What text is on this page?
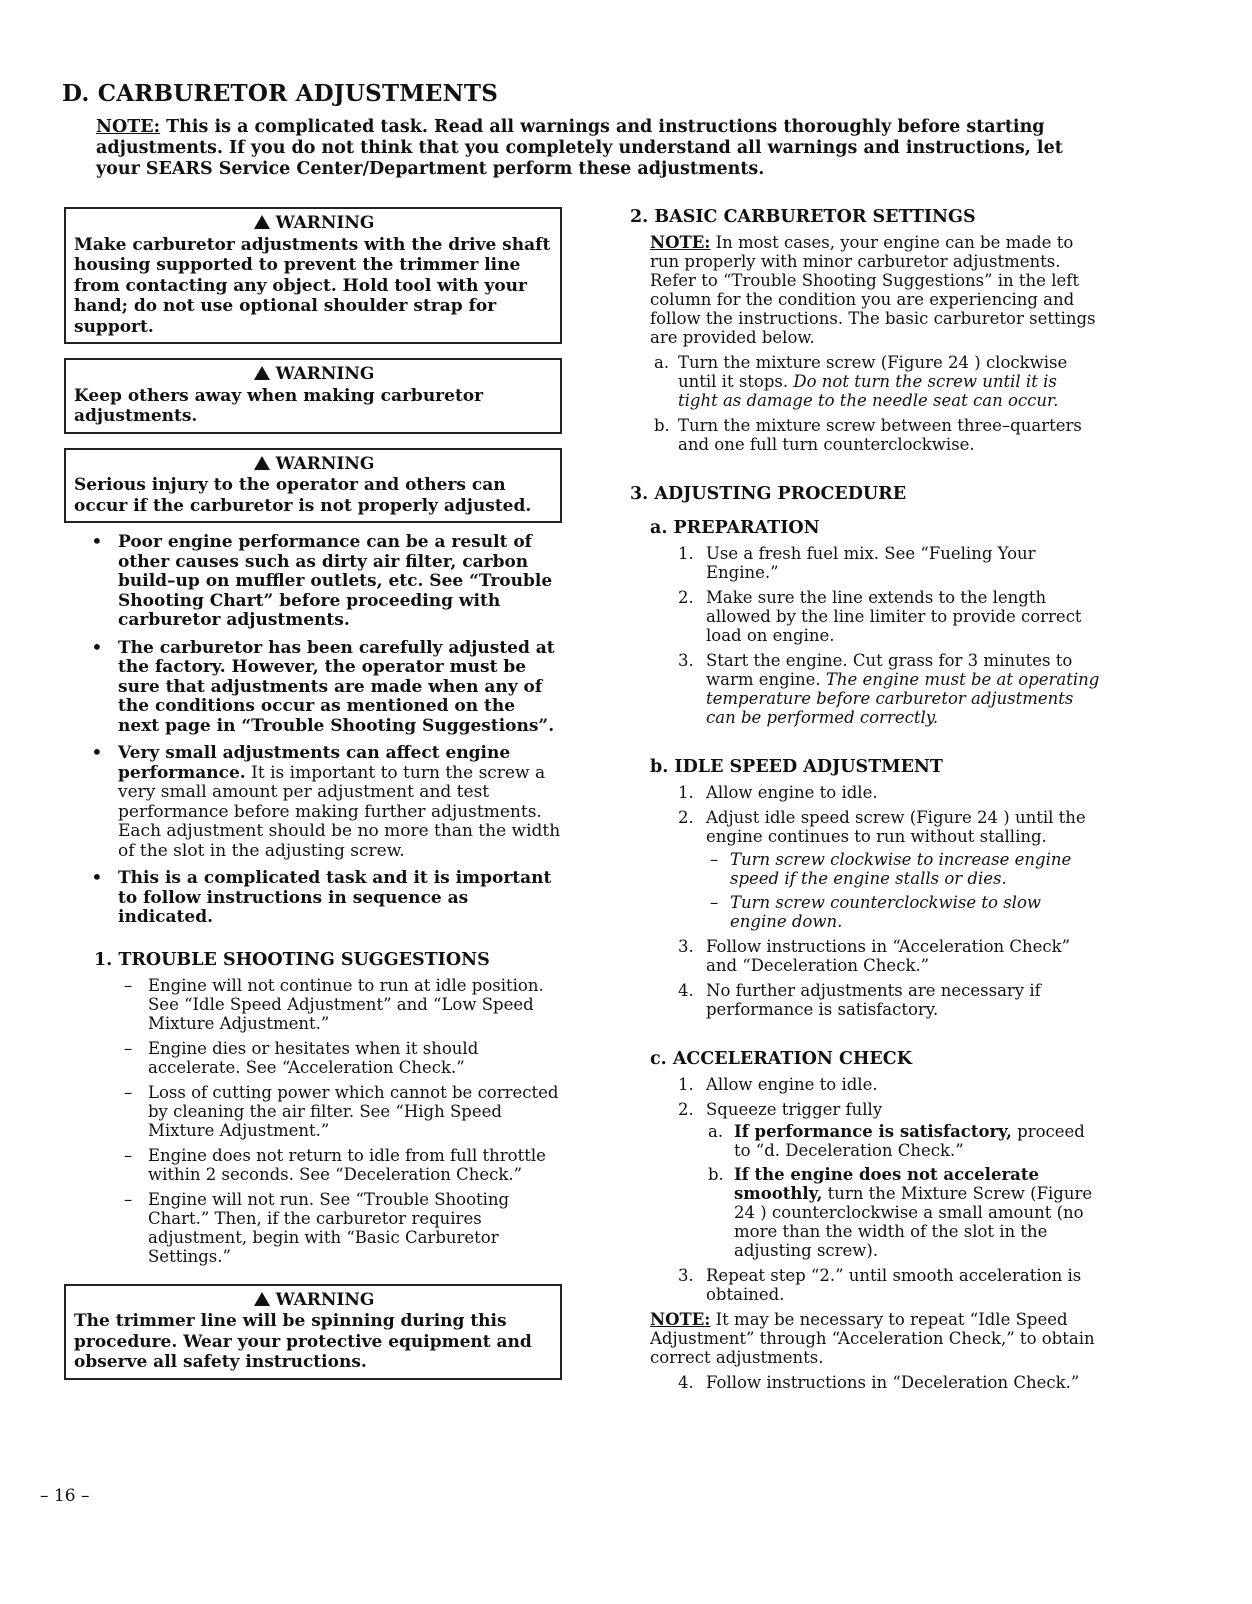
D. CARBURETOR ADJUSTMENTS
NOTE: This is a complicated task. Read all warnings and instructions thoroughly before starting adjustments. If you do not think that you completely understand all warnings and instructions, let your SEARS Service Center/Department perform these adjustments.
WARNING
Make carburetor adjustments with the drive shaft housing supported to prevent the trimmer line from contacting any object. Hold tool with your hand; do not use optional shoulder strap for support.
WARNING
Keep others away when making carburetor adjustments.
WARNING
Serious injury to the operator and others can occur if the carburetor is not properly adjusted.
• Poor engine performance can be a result of other causes such as dirty air filter, carbon build–up on muffler outlets, etc. See “Trouble Shooting Chart” before proceeding with carburetor adjustments.
• The carburetor has been carefully adjusted at the factory. However, the operator must be sure that adjustments are made when any of the conditions occur as mentioned on the next page in “Trouble Shooting Suggestions”.
• Very small adjustments can affect engine performance. It is important to turn the screw a very small amount per adjustment and test performance before making further adjustments. Each adjustment should be no more than the width of the slot in the adjusting screw.
• This is a complicated task and it is important to follow instructions in sequence as indicated.
1. TROUBLE SHOOTING SUGGESTIONS
– Engine will not continue to run at idle position. See “Idle Speed Adjustment” and “Low Speed Mixture Adjustment.”
– Engine dies or hesitates when it should accelerate. See “Acceleration Check.”
– Loss of cutting power which cannot be corrected by cleaning the air filter. See “High Speed Mixture Adjustment.”
– Engine does not return to idle from full throttle within 2 seconds. See “Deceleration Check.”
– Engine will not run. See “Trouble Shooting Chart.” Then, if the carburetor requires adjustment, begin with “Basic Carburetor Settings.”
WARNING
The trimmer line will be spinning during this procedure. Wear your protective equipment and observe all safety instructions.
2. BASIC CARBURETOR SETTINGS
NOTE: In most cases, your engine can be made to run properly with minor carburetor adjustments. Refer to “Trouble Shooting Suggestions” in the left column for the condition you are experiencing and follow the instructions. The basic carburetor settings are provided below.
a. Turn the mixture screw (Figure 24 ) clockwise until it stops. Do not turn the screw until it is tight as damage to the needle seat can occur.
b. Turn the mixture screw between three–quarters and one full turn counterclockwise.
3. ADJUSTING PROCEDURE
a. PREPARATION
1. Use a fresh fuel mix. See “Fueling Your Engine.”
2. Make sure the line extends to the length allowed by the line limiter to provide correct load on engine.
3. Start the engine. Cut grass for 3 minutes to warm engine. The engine must be at operating temperature before carburetor adjustments can be performed correctly.
b. IDLE SPEED ADJUSTMENT
1. Allow engine to idle.
2. Adjust idle speed screw (Figure 24 ) until the engine continues to run without stalling.
– Turn screw clockwise to increase engine speed if the engine stalls or dies.
– Turn screw counterclockwise to slow engine down.
3. Follow instructions in “Acceleration Check” and “Deceleration Check.”
4. No further adjustments are necessary if performance is satisfactory.
c. ACCELERATION CHECK
1. Allow engine to idle.
2. Squeeze trigger fully
a. If performance is satisfactory, proceed to “d. Deceleration Check.”
b. If the engine does not accelerate smoothly, turn the Mixture Screw (Figure 24 ) counterclockwise a small amount (no more than the width of the slot in the adjusting screw).
3. Repeat step “2.” until smooth acceleration is obtained.
NOTE: It may be necessary to repeat “Idle Speed Adjustment” through “Acceleration Check,” to obtain correct adjustments.
4. Follow instructions in “Deceleration Check.”
– 16 –
